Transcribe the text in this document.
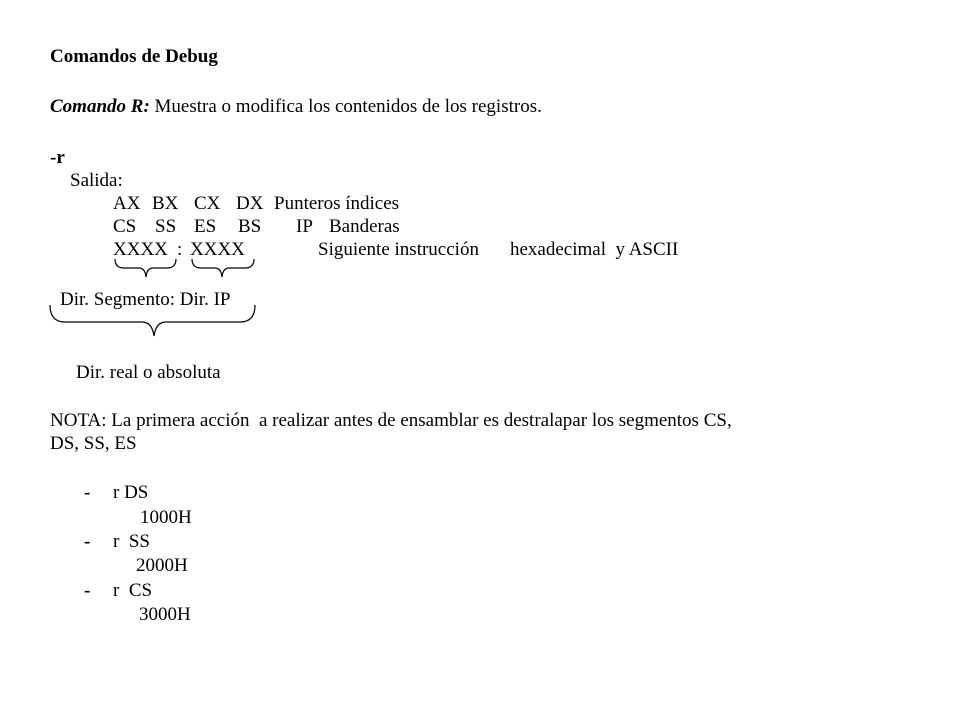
Comandos de Debug
Comando R: Muestra o modifica los contenidos de los registros.
-r
Salida:
AX BX CX DX Punteros índices
CS SS ES BS IP Banderas
XXXX : XXXX	Siguiente instrucción hexadecimal  y ASCII
Dir. Segmento: Dir. IP
Dir. real o absoluta
NOTA: La primera acción  a realizar antes de ensamblar es destralapar los segmentos CS,
DS, SS, ES
- r DS
1000H
- r  SS
2000H
- r  CS
3000H
